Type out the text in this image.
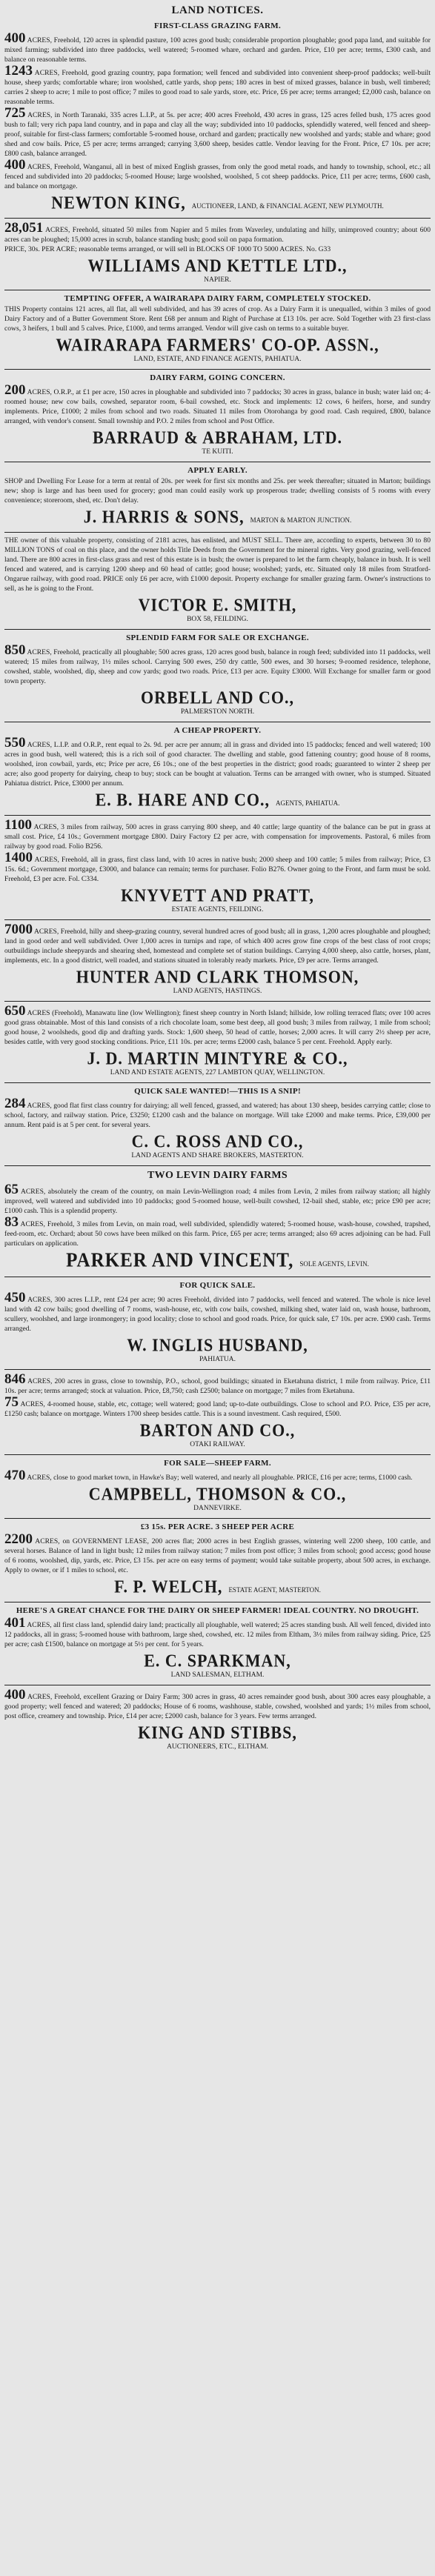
LAND NOTICES.
FIRST-CLASS GRAZING FARM.
400 ACRES, Freehold, 120 acres in splendid pasture, 100 acres good bush; considerable proportion ploughable; good papa land, and suitable for mixed farming; subdivided into three paddocks, well watered; 5-roomed whare, orchard and garden. Price, £10 per acre; terms, £300 cash, and balance on reasonable terms.
1243 ACRES, Freehold, good grazing country, papa formation; well fenced and subdivided into convenient sheep-proof paddocks; well-built house, sheep yards; comfortable whare; iron woolshed, cattle yards, shop pens; 180 acres in best of mixed grasses, balance in bush, well timbered; carries 2 sheep to acre; 1 mile to post office; 7 miles to good road to sale yards, store, etc. Price, £6 per acre; terms arranged; £2,000 cash, balance on reasonable terms.
725 ACRES, in North Taranaki, 335 acres L.I.P., at 5s. per acre; 400 acres Freehold, 430 acres in grass, 125 acres felled bush, 175 acres good bush to fall; very rich papa land country, and in papa and clay all the way; subdivided into 10 paddocks, splendidly watered, well fenced and sheep-proof, suitable for first-class farmers; comfortable 5-roomed house, orchard and garden; practically new woolshed and yards; stable and whare; good shed and cow bails. Price, £5 per acre; terms arranged; carrying 3,600 sheep, besides cattle. Vendor leaving for the Front. Price, £7 10s. per acre; £800 cash, balance arranged.
400 ACRES, Freehold, Wanganui, all in best of mixed English grasses, from only the good metal roads, and handy to township, school, etc.; all fenced and subdivided into 20 paddocks; 5-roomed House; large woolshed, woolshed, 5 cot sheep paddocks. Price, £11 per acre; terms, £600 cash, and balance on mortgage.
NEWTON KING, AUCTIONEER, LAND, & FINANCIAL AGENT, NEW PLYMOUTH.
28,051 ACRES, Freehold, situated 50 miles from Napier and 5 miles from Waverley, undulating and hilly, unimproved country; about 600 acres can be ploughed; 15,000 acres in scrub, balance standing bush; good soil on papa formation.
PRICE, 30s. PER ACRE; reasonable terms arranged, or will sell in BLOCKS OF 1000 TO 5000 ACRES. No. G33
WILLIAMS AND KETTLE LTD.,
NAPIER.
TEMPTING OFFER, A WAIRARAPA DAIRY FARM, COMPLETELY STOCKED.
THIS Property contains 121 acres, all flat, all well subdivided, and has 39 acres of crop. As a Dairy Farm it is unequalled, within 3 miles of good Dairy Factory and of a Butter Government Store. Rent £68 per annum and Right of Purchase at £13 10s. per acre. Sold Together with 23 first-class cows, 3 heifers, 1 bull and 5 calves. Price, £1000, and terms arranged. Vendor will give cash on terms to a suitable buyer.
WAIRARAPA FARMERS' CO-OP. ASSN.,
LAND, ESTATE, AND FINANCE AGENTS, PAHIATUA.
DAIRY FARM, GOING CONCERN.
200 ACRES, O.R.P., at £1 per acre, 150 acres in ploughable and subdivided into 7 paddocks; 30 acres in grass, balance in bush; water laid on; 4-roomed house; new cow bails, cowshed, separator room, 6-bail cowshed, etc. Stock and implements: 12 cows, 6 heifers, horse, and sundry implements. Price, £1000; 2 miles from school and two roads. Situated 11 miles from Otorohanga by good road. Cash required, £800, balance arranged, with vendor's consent. Small township and P.O. 2 miles from school and Post Office.
BARRAUD & ABRAHAM, LTD.
TE KUITI.
APPLY EARLY.
SHOP and Dwelling For Lease for a term at rental of 20s. per week for first six months and 25s. per week thereafter; situated in Marton; buildings new; shop is large and has been used for grocery; good man could easily work up prosperous trade; dwelling consists of 5 rooms with every convenience; storeroom, shed, etc. Don't delay.
J. HARRIS & SONS, MARTON & MARTON JUNCTION.
THE owner of this valuable property, consisting of 2181 acres, has enlisted, and MUST SELL. There are, according to experts, between 30 to 80 MILLION TONS of coal on this place, and the owner holds Title Deeds from the Government for the mineral rights. Very good grazing, well-fenced land. There are 800 acres in first-class grass and rest of this estate is in bush; the owner is prepared to let the farm cheaply, balance in bush. It is well fenced and watered, and is carrying 1200 sheep and 60 head of cattle; good house; woolshed; yards, etc. Situated only 18 miles from Stratford-Ongarue railway, with good road. PRICE only £6 per acre, with £1000 deposit. Property exchange for smaller grazing farm. Owner's instructions to sell, as he is going to the Front.
VICTOR E. SMITH,
BOX 58, FEILDING.
SPLENDID FARM FOR SALE OR EXCHANGE.
850 ACRES, Freehold, practically all ploughable; 500 acres grass, 120 acres good bush, balance in rough feed; subdivided into 11 paddocks, well watered; 15 miles from railway, 1½ miles school. Carrying 500 ewes, 250 dry cattle, 500 ewes, and 30 horses; 9-roomed residence, telephone, cowshed, stable, woolshed, dip, sheep and cow yards; good two roads. Price, £13 per acre. Equity £3000. Will Exchange for smaller farm or good town property.
ORBELL AND CO.,
PALMERSTON NORTH.
A CHEAP PROPERTY.
550 ACRES, L.I.P. and O.R.P., rent equal to 2s. 9d. per acre per annum; all in grass and divided into 15 paddocks; fenced and well watered; 100 acres in good bush, well watered; this is a rich soil of good character. The dwelling and stable, good fattening country; good house of 8 rooms, woolshed, iron cowbail, yards, etc; Price per acre, £6 10s.; one of the best properties in the district; good roads; guaranteed to winter 2 sheep per acre; also good property for dairying, cheap to buy; stock can be bought at valuation. Terms can be arranged with owner, who is stumped. Situated Pahiatua district. Price, £3000 per annum.
E. B. HARE AND CO., AGENTS, PAHIATUA.
1100 ACRES, 3 miles from railway, 500 acres in grass carrying 800 sheep, and 40 cattle; large quantity of the balance can be put in grass at small cost. Price, £4 10s.; Government mortgage £800. Dairy Factory £2 per acre, with compensation for improvements. Pastoral, 6 miles from railway by good road. Folio B256.
1400 ACRES, Freehold, all in grass, first class land, with 10 acres in native bush; 2000 sheep and 100 cattle; 5 miles from railway; Price, £3 15s. 6d.; Government mortgage, £3000, and balance can remain; terms for purchaser. Folio B276. Owner going to the Front, and farm must be sold. Freehold, £3 per acre. Fol. C334.
KNYVETT AND PRATT,
ESTATE AGENTS, FEILDING.
7000 ACRES, Freehold, hilly and sheep-grazing country, several hundred acres of good bush; all in grass, 1,200 acres ploughable and ploughed; land in good order and well subdivided. Over 1,000 acres in turnips and rape, of which 400 acres grow fine crops of the best class of root crops; outbuildings include sheepyards and shearing shed, homestead and complete set of station buildings. Carrying 4,000 sheep, also cattle, horses, plant, implements, etc. In a good district, well roaded, and stations situated in tolerably ready markets. Price, £9 per acre. Terms arranged.
HUNTER AND CLARK THOMSON,
LAND AGENTS, HASTINGS.
650 ACRES (Freehold), Manawatu line (low Wellington); finest sheep country in North Island; hillside, low rolling terraced flats; over 100 acres good grass obtainable. Most of this land consists of a rich chocolate loam, some best deep, all good bush; 3 miles from railway, 1 mile from school; good house, 2 woolsheds, good dip and drafting yards. Stock: 1,600 sheep, 50 head of cattle, horses; 2,000 acres. It will carry 2½ sheep per acre, besides cattle, with very good stocking conditions. Price, £11 10s. per acre; terms £2000 cash, balance 5 per cent. Freehold. Apply early.
J. D. MARTIN MINTYRE & CO.,
LAND AND ESTATE AGENTS, 227 LAMBTON QUAY, WELLINGTON.
QUICK SALE WANTED!—THIS IS A SNIP!
284 ACRES, good flat first class country for dairying; all well fenced, grassed, and watered; has about 130 sheep, besides carrying cattle; close to school, factory, and railway station. Price, £3250; £1200 cash and the balance on mortgage. Will take £2000 and make terms. Price, £39,000 per annum. Rent paid is at 5 per cent. for several years.
C. C. ROSS AND CO.,
LAND AGENTS AND SHARE BROKERS, MASTERTON.
TWO LEVIN DAIRY FARMS
65 ACRES, absolutely the cream of the country, on main Levin-Wellington road; 4 miles from Levin, 2 miles from railway station; all highly improved, well watered and subdivided into 10 paddocks; good 5-roomed house, well-built cowshed, 12-bail shed, stable, etc; price £90 per acre; £1000 cash. This is a splendid property.
83 ACRES, Freehold, 3 miles from Levin, on main road, well subdivided, splendidly watered; 5-roomed house, wash-house, cowshed, trapshed, feed-room, etc. Orchard; about 50 cows have been milked on this farm. Price, £65 per acre; terms arranged; also 69 acres adjoining can be had. Full particulars on application.
PARKER AND VINCENT, SOLE AGENTS, LEVIN.
FOR QUICK SALE.
450 ACRES, 300 acres L.I.P., rent £24 per acre; 90 acres Freehold, divided into 7 paddocks, well fenced and watered. The whole is nice level land with 42 cow bails; good dwelling of 7 rooms, wash-house, etc, with cow bails, cowshed, milking shed, water laid on, wash house, bathroom, scullery, woolshed, and large ironmongery; in good locality; close to school and good roads. Price, for quick sale, £7 10s. per acre. £900 cash. Terms arranged.
W. INGLIS HUSBAND,
PAHIATUA.
846 ACRES, 200 acres in grass, close to township, P.O., school, good buildings; situated in Eketahuna district, 1 mile from railway. Price, £11 10s. per acre; terms arranged; stock at valuation. Price, £8,750; cash £2500; balance on mortgage; 7 miles from Eketahuna.
75 ACRES, 4-roomed house, stable, etc, cottage; well watered; good land; up-to-date outbuildings. Close to school and P.O. Price, £35 per acre, £1250 cash; balance on mortgage. Winters 1700 sheep besides cattle. This is a sound investment. Cash required, £500.
BARTON AND CO.,
OTAKI RAILWAY.
FOR SALE—SHEEP FARM.
470 ACRES, close to good market town, in Hawke's Bay; well watered, and nearly all ploughable. PRICE, £16 per acre; terms, £1000 cash.
CAMPBELL, THOMSON & CO.,
DANNEVIRKE.
£3 15s. PER ACRE. 3 SHEEP PER ACRE
2200 ACRES, on GOVERNMENT LEASE, 200 acres flat; 2000 acres in best English grasses, wintering well 2200 sheep, 100 cattle, and several horses. Balance of land in light bush; 12 miles from railway station; 7 miles from post office; 3 miles from school; good access; good house of 6 rooms, woolshed, dip, yards, etc. Price, £3 15s. per acre on easy terms of payment; would take suitable property, about 500 acres, in exchange. Apply to owner, or if 1 miles to school, etc.
F. P. WELCH, ESTATE AGENT, MASTERTON.
HERE'S A GREAT CHANCE FOR THE DAIRY OR SHEEP FARMER! IDEAL COUNTRY. NO DROUGHT.
401 ACRES, all first class land, splendid dairy land; practically all ploughable, well watered; 25 acres standing bush. All well fenced, divided into 12 paddocks, all in grass; 5-roomed house with bathroom, large shed, cowshed, etc. 12 miles from Eltham, 3½ miles from railway siding. Price, £25 per acre; cash £1500, balance on mortgage at 5½ per cent. for 5 years.
E. C. SPARKMAN,
LAND SALESMAN, ELTHAM.
400 ACRES, Freehold, excellent Grazing or Dairy Farm; 300 acres in grass, 40 acres remainder good bush, about 300 acres easy ploughable, a good property; well fenced and watered; 20 paddocks; House of 6 rooms, washhouse, stable, cowshed, woolshed and yards; 1½ miles from school, post office, creamery and township. Price, £14 per acre; £2000 cash, balance for 3 years. Few terms arranged.
KING AND STIBBS,
AUCTIONEERS, ETC., ELTHAM.
